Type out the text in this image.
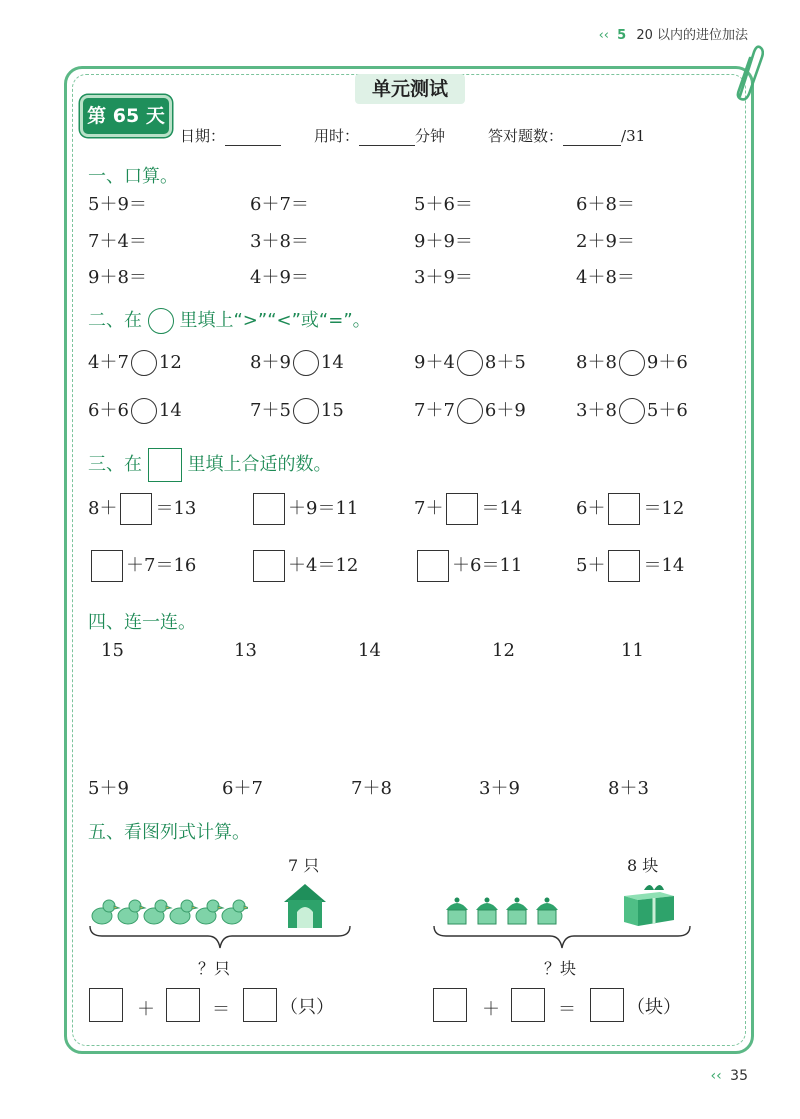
‹‹ 5 20 以内的进位加法
单元测试
第 65 天
日期：	用时：	分钟	答对题数：	/31
一、口算。
5＋9＝	6＋7＝	5＋6＝	6＋8＝
7＋4＝	3＋8＝	9＋9＝	2＋9＝
9＋8＝	4＋9＝	3＋9＝	4＋8＝
二、在 里填上“>”“<”或“=”。
4＋7 12	8＋9 14	9＋4 8＋5	8＋8 9＋6
6＋6 14	7＋5 15	7＋7 6＋9	3＋8 5＋6
三、在	里填上合适的数。
8＋ ＝13	＋9＝11	7＋ ＝14	6＋ ＝12
＋7＝16	＋4＝12	＋6＝11	5＋ ＝14
四、连一连。
15	13	14	12	11
5＋9	6＋7	7＋8	3＋9	8＋3
五、看图列式计算。
7 只
？只
＋	＝	（只）
8 块
？块
＋	＝	（块）
‹‹ 35
